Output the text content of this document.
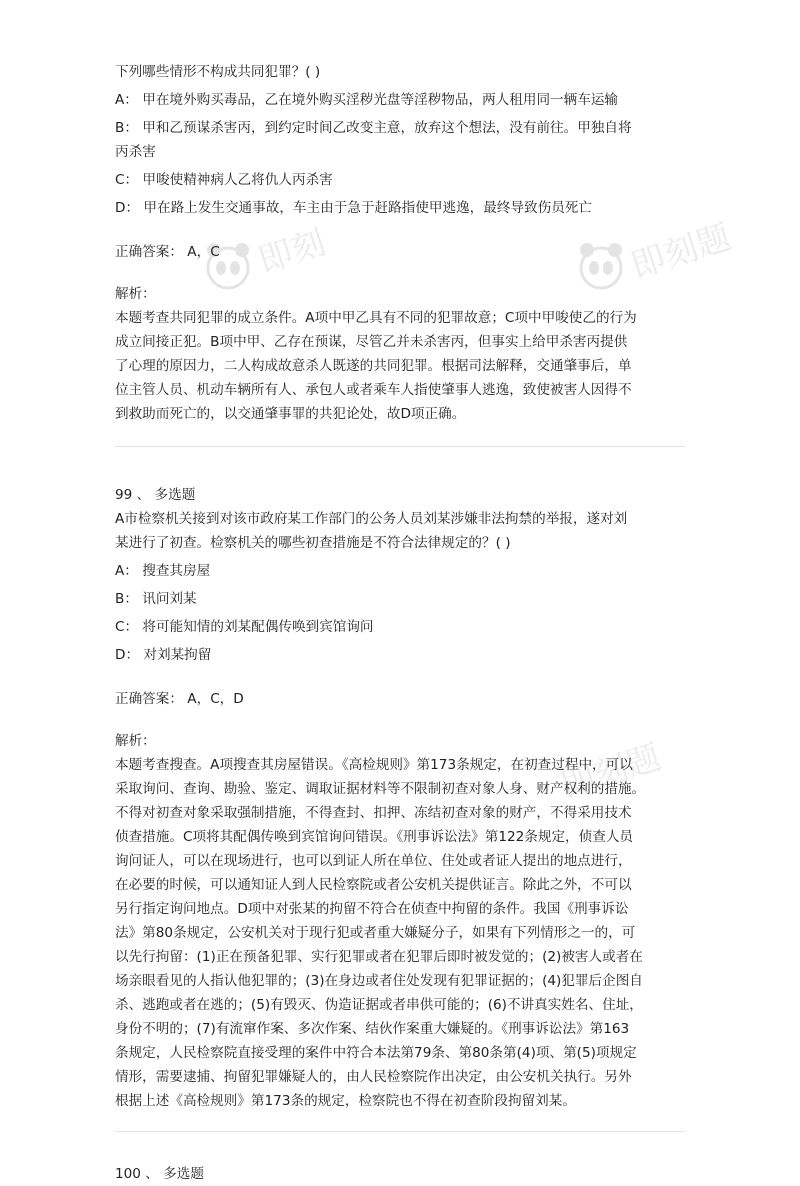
即刻	即刻题
即刻题
下列哪些情形不构成共同犯罪？( )
A： 甲在境外购买毒品，乙在境外购买淫秽光盘等淫秽物品，两人租用同一辆车运输
B： 甲和乙预谋杀害丙，到约定时间乙改变主意，放弃这个想法，没有前往。甲独自将
丙杀害
C： 甲唆使精神病人乙将仇人丙杀害
D： 甲在路上发生交通事故，车主由于急于赶路指使甲逃逸，最终导致伤员死亡
正确答案： A，C
解析：
本题考查共同犯罪的成立条件。A项中甲乙具有不同的犯罪故意；C项中甲唆使乙的行为
成立间接正犯。B项中甲、乙存在预谋，尽管乙并未杀害丙，但事实上给甲杀害丙提供
了心理的原因力，二人构成故意杀人既遂的共同犯罪。根据司法解释，交通肇事后，单
位主管人员、机动车辆所有人、承包人或者乘车人指使肇事人逃逸，致使被害人因得不
到救助而死亡的，以交通肇事罪的共犯论处，故D项正确。
99 、 多选题
A市检察机关接到对该市政府某工作部门的公务人员刘某涉嫌非法拘禁的举报，遂对刘
某进行了初查。检察机关的哪些初查措施是不符合法律规定的？( )
A： 搜查其房屋
B： 讯问刘某
C： 将可能知情的刘某配偶传唤到宾馆询问
D： 对刘某拘留
正确答案： A，C，D
解析：
本题考查搜查。A项搜查其房屋错误。《高检规则》第173条规定，在初查过程中，可以
采取询问、查询、勘验、鉴定、调取证据材料等不限制初查对象人身、财产权利的措施。
不得对初查对象采取强制措施，不得查封、扣押、冻结初查对象的财产，不得采用技术
侦查措施。C项将其配偶传唤到宾馆询问错误。《刑事诉讼法》第122条规定，侦查人员
询问证人，可以在现场进行，也可以到证人所在单位、住处或者证人提出的地点进行，
在必要的时候，可以通知证人到人民检察院或者公安机关提供证言。除此之外，不可以
另行指定询问地点。D项中对张某的拘留不符合在侦查中拘留的条件。我国《刑事诉讼
法》第80条规定，公安机关对于现行犯或者重大嫌疑分子，如果有下列情形之一的，可
以先行拘留：(1)正在预备犯罪、实行犯罪或者在犯罪后即时被发觉的；(2)被害人或者在
场亲眼看见的人指认他犯罪的；(3)在身边或者住处发现有犯罪证据的；(4)犯罪后企图自
杀、逃跑或者在逃的；(5)有毁灭、伪造证据或者串供可能的；(6)不讲真实姓名、住址，
身份不明的；(7)有流窜作案、多次作案、结伙作案重大嫌疑的。《刑事诉讼法》第163
条规定，人民检察院直接受理的案件中符合本法第79条、第80条第(4)项、第(5)项规定
情形，需要逮捕、拘留犯罪嫌疑人的，由人民检察院作出决定，由公安机关执行。另外
根据上述《高检规则》第173条的规定，检察院也不得在初查阶段拘留刘某。
100 、 多选题
